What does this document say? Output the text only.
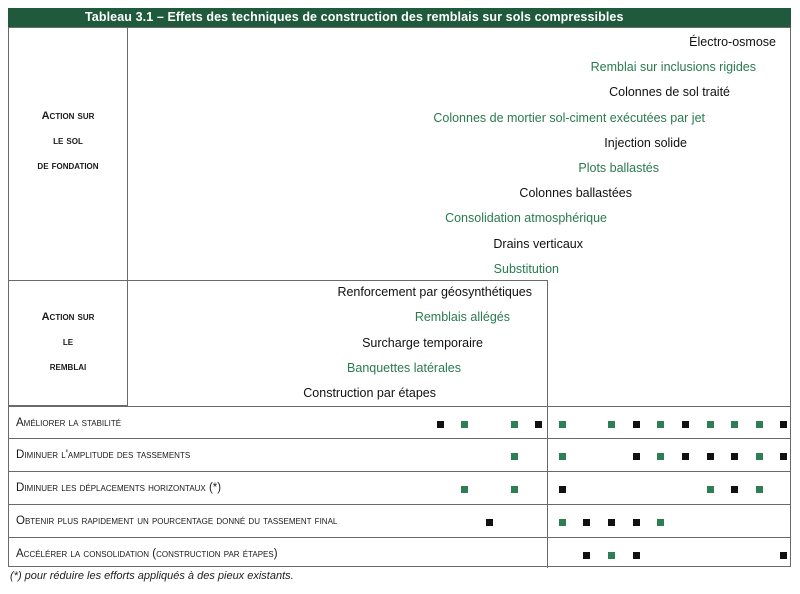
Tableau 3.1 – Effets des techniques de construction des remblais sur sols compressibles
Action sur
le sol
de fondation
Action sur
le
remblai
Électro-osmose
Remblai sur inclusions rigides
Colonnes de sol traité
Colonnes de mortier sol-ciment exécutées par jet
Injection solide
Plots ballastés
Colonnes ballastées
Consolidation atmosphérique
Drains verticaux
Substitution
Renforcement par géosynthétiques
Remblais allégés
Surcharge temporaire
Banquettes latérales
Construction par étapes
Améliorer la stabilité
Diminuer l'amplitude des tassements
Diminuer les déplacements horizontaux (*)
Obtenir plus rapidement un pourcentage donné du tassement final
Accélérer la consolidation (construction par étapes)
(*) pour réduire les efforts appliqués à des pieux existants.
